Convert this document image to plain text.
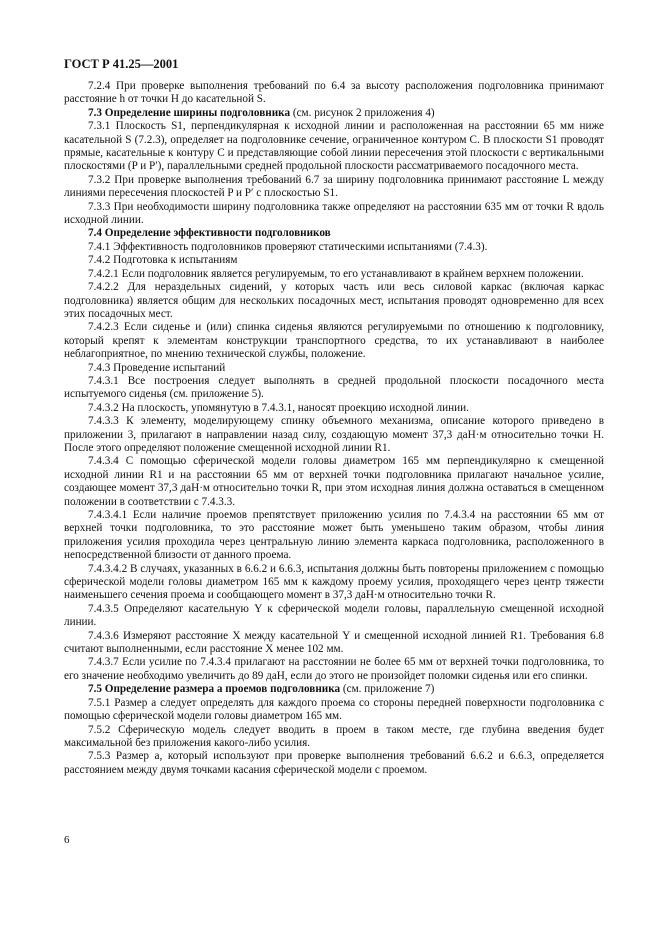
ГОСТ Р 41.25—2001

7.2.4 При проверке выполнения требований по 6.4 за высоту расположения подголовника принимают расстояние h от точки H до касательной S.

7.3 Определение ширины подголовника (см. рисунок 2 приложения 4)

7.3.1 Плоскость S1, перпендикулярная к исходной линии и расположенная на расстоянии 65 мм ниже касательной S (7.2.3), определяет на подголовнике сечение, ограниченное контуром C. В плоскости S1 проводят прямые, касательные к контуру C и представляющие собой линии пересечения этой плоскости с вертикальными плоскостями (P и P′), параллельными средней продольной плоскости рассматриваемого посадочного места.

7.3.2 При проверке выполнения требований 6.7 за ширину подголовника принимают расстояние L между линиями пересечения плоскостей P и P′ с плоскостью S1.

7.3.3 При необходимости ширину подголовника также определяют на расстоянии 635 мм от точки R вдоль исходной линии.

7.4 Определение эффективности подголовников

7.4.1 Эффективность подголовников проверяют статическими испытаниями (7.4.3).

7.4.2 Подготовка к испытаниям

7.4.2.1 Если подголовник является регулируемым, то его устанавливают в крайнем верхнем положении.

7.4.2.2 Для нераздельных сидений, у которых часть или весь силовой каркас (включая каркас подголовника) является общим для нескольких посадочных мест, испытания проводят одновременно для всех этих посадочных мест.

7.4.2.3 Если сиденье и (или) спинка сиденья являются регулируемыми по отношению к подголовнику, который крепят к элементам конструкции транспортного средства, то их устанавливают в наиболее неблагоприятное, по мнению технической службы, положение.

7.4.3 Проведение испытаний

7.4.3.1 Все построения следует выполнять в средней продольной плоскости посадочного места испытуемого сиденья (см. приложение 5).

7.4.3.2 На плоскость, упомянутую в 7.4.3.1, наносят проекцию исходной линии.

7.4.3.3 К элементу, моделирующему спинку объемного механизма, описание которого приведено в приложении 3, прилагают в направлении назад силу, создающую момент 37,3 даН·м относительно точки H. После этого определяют положение смещенной исходной линии R1.

7.4.3.4 С помощью сферической модели головы диаметром 165 мм перпендикулярно к смещенной исходной линии R1 и на расстоянии 65 мм от верхней точки подголовника прилагают начальное усилие, создающее момент 37,3 даН·м относительно точки R, при этом исходная линия должна оставаться в смещенном положении в соответствии с 7.4.3.3.

7.4.3.4.1 Если наличие проемов препятствует приложению усилия по 7.4.3.4 на расстоянии 65 мм от верхней точки подголовника, то это расстояние может быть уменьшено таким образом, чтобы линия приложения усилия проходила через центральную линию элемента каркаса подголовника, расположенного в непосредственной близости от данного проема.

7.4.3.4.2 В случаях, указанных в 6.6.2 и 6.6.3, испытания должны быть повторены приложением с помощью сферической модели головы диаметром 165 мм к каждому проему усилия, проходящего через центр тяжести наименьшего сечения проема и сообщающего момент в 37,3 даН·м относительно точки R.

7.4.3.5 Определяют касательную Y к сферической модели головы, параллельную смещенной исходной линии.

7.4.3.6 Измеряют расстояние X между касательной Y и смещенной исходной линией R1. Требования 6.8 считают выполненными, если расстояние X менее 102 мм.

7.4.3.7 Если усилие по 7.4.3.4 прилагают на расстоянии не более 65 мм от верхней точки подголовника, то его значение необходимо увеличить до 89 даН, если до этого не произойдет поломки сиденья или его спинки.

7.5 Определение размера a проемов подголовника (см. приложение 7)

7.5.1 Размер a следует определять для каждого проема со стороны передней поверхности подголовника с помощью сферической модели головы диаметром 165 мм.

7.5.2 Сферическую модель следует вводить в проем в таком месте, где глубина введения будет максимальной без приложения какого-либо усилия.

7.5.3 Размер a, который используют при проверке выполнения требований 6.6.2 и 6.6.3, определяется расстоянием между двумя точками касания сферической модели с проемом.

6
